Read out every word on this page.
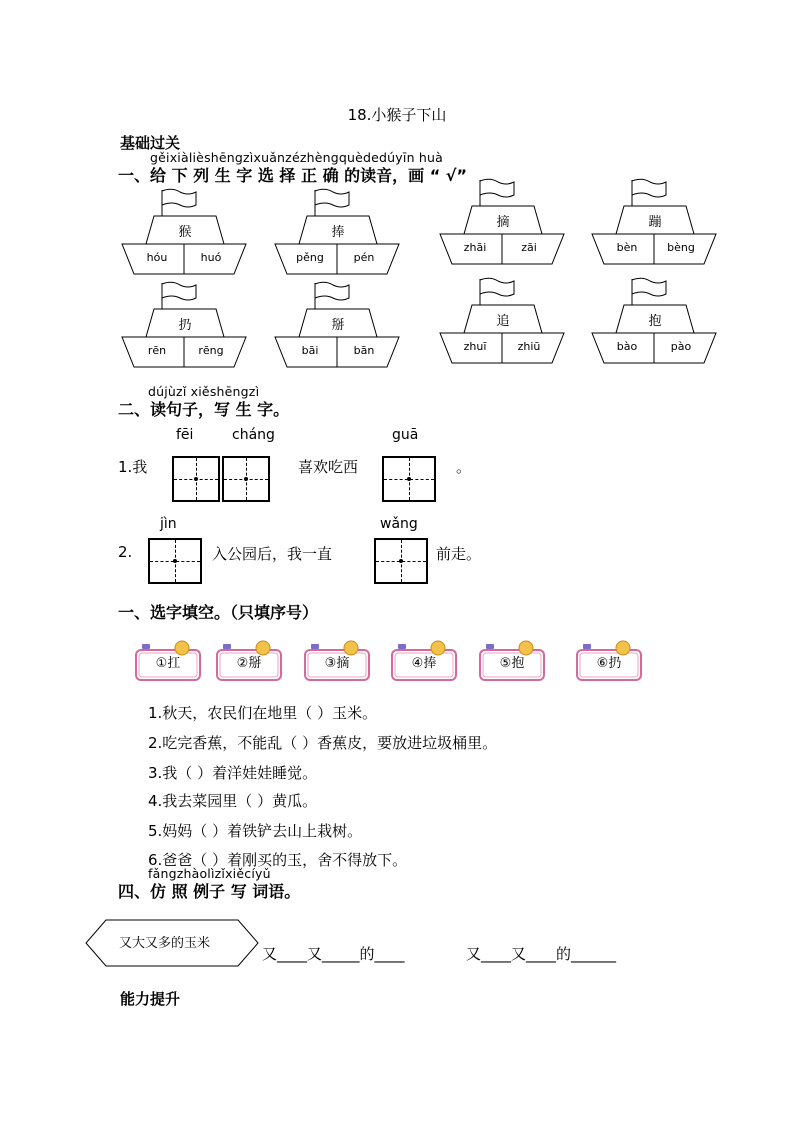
18.小猴子下山
基础过关
gěixiàlièshēngzìxuǎnzézhèngquèdedúyīn huà
一、给 下 列 生 字 选 择 正 确 的读音，画 “ √”
猴
hóu	huó
捧
pěng	pén
摘
zhāi	zāi
蹦
bèn	bèng
扔
rēn	rēng
掰
bāi	bān
追
zhuī	zhiū
抱
bào	pào
dújùzǐ xiěshēngzì
二、读句子，写 生 字。
fēi	cháng	guā
1.我	喜欢吃西	。
jìn	wǎng
2.	入公园后，我一直	前走。
一、选字填空。（只填序号）
①扛	②掰	③摘	④捧	⑤抱	⑥扔
1.秋天，农民们在地里（ ）玉米。
2.吃完香蕉，不能乱（ ）香蕉皮，要放进垃圾桶里。
3.我（ ）着洋娃娃睡觉。
4.我去菜园里（ ）黄瓜。
5.妈妈（ ）着铁铲去山上栽树。
6.爸爸（ ）着刚买的玉，舍不得放下。
fǎngzhàolìzǐxiěcíyǔ
四、仿 照 例子 写 词语。
又大又多的玉米
又____又_____的____	又____又____的______
能力提升
